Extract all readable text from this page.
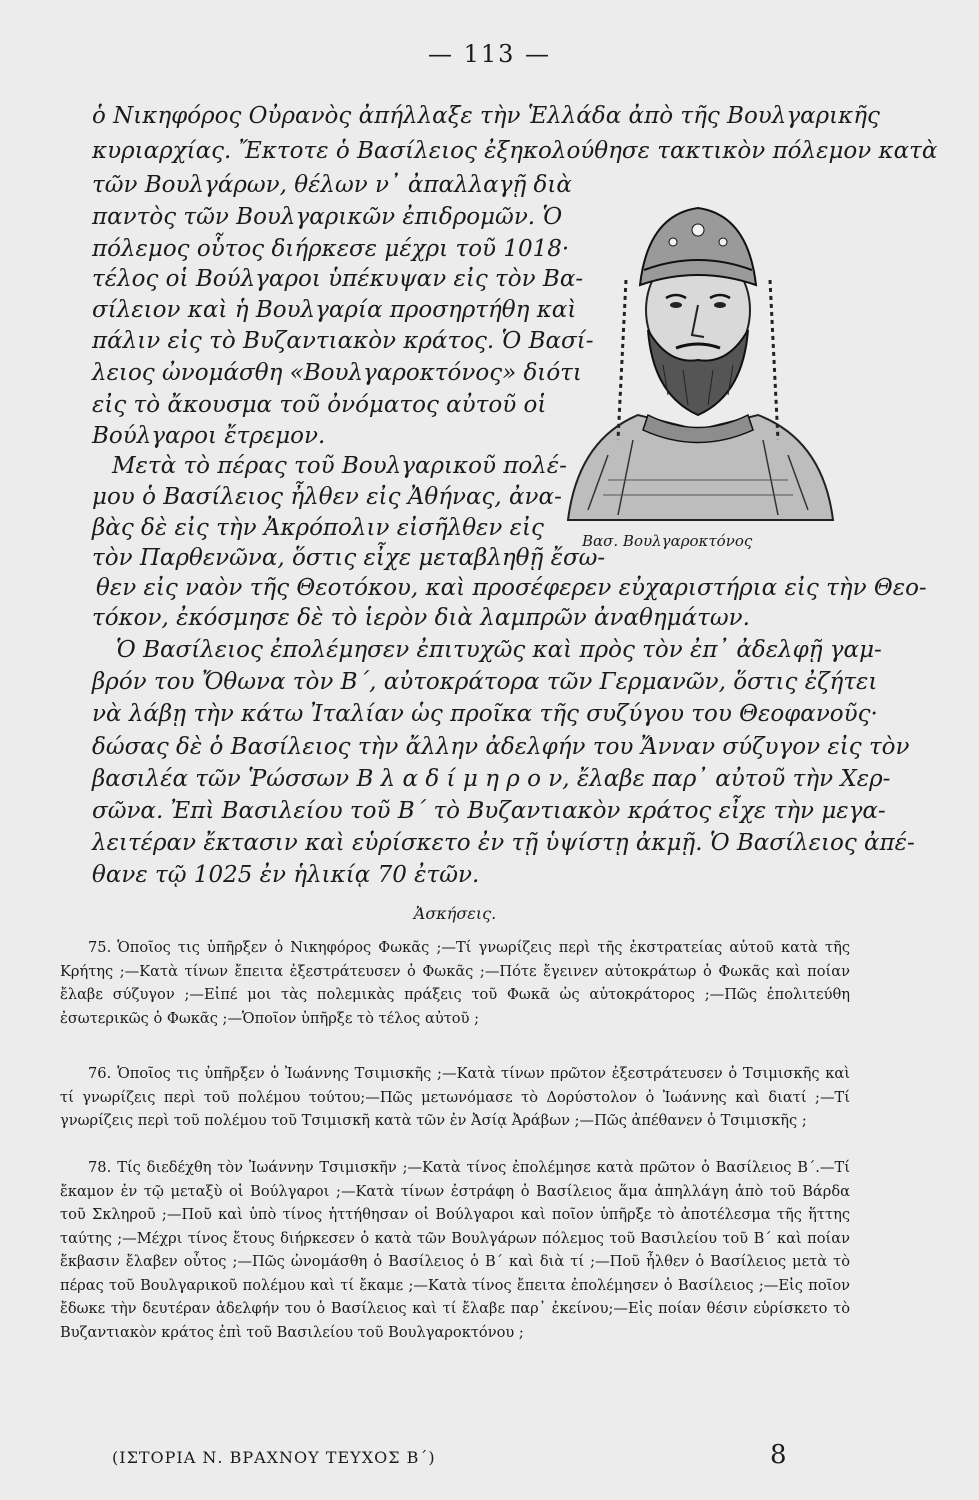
— 113 —
ὁ Νικηφόρος Οὐρανὸς ἀπήλλαξε τὴν Ἑλλάδα ἀπὸ τῆς Βουλγαρικῆς
κυριαρχίας. Ἔκτοτε ὁ Βασίλειος ἐξηκολούθησε τακτικὸν πόλεμον κατὰ
τῶν Βουλγάρων, θέλων ν᾽ ἀπαλλαγῇ διὰ
παντὸς τῶν Βουλγαρικῶν ἐπιδρομῶν. Ὁ
πόλεμος οὗτος διήρκεσε μέχρι τοῦ 1018·
τέλος οἱ Βούλγαροι ὑπέκυψαν εἰς τὸν Βα-
σίλειον καὶ ἡ Βουλγαρία προσηρτήθη καὶ
πάλιν εἰς τὸ Βυζαντιακὸν κράτος. Ὁ Βασί-
λειος ὠνομάσθη «Βουλγαροκτόνος» διότι
εἰς τὸ ἄκουσμα τοῦ ὀνόματος αὐτοῦ οἱ
Βούλγαροι ἔτρεμον.
Μετὰ τὸ πέρας τοῦ Βουλγαρικοῦ πολέ-
μου ὁ Βασίλειος ἦλθεν εἰς Ἀθήνας, ἀνα-
βὰς δὲ εἰς τὴν Ἀκρόπολιν εἰσῆλθεν εἰς
τὸν Παρθενῶνα, ὅστις εἶχε μεταβληθῇ ἔσω-
θεν εἰς ναὸν τῆς Θεοτόκου, καὶ προσέφερεν εὐχαριστήρια εἰς τὴν Θεο-
τόκον, ἐκόσμησε δὲ τὸ ἱερὸν διὰ λαμπρῶν ἀναθημάτων.
Ὁ Βασίλειος ἐπολέμησεν ἐπιτυχῶς καὶ πρὸς τὸν ἐπ᾽ ἀδελφῇ γαμ-
βρόν του Ὄθωνα τὸν Β΄, αὐτοκράτορα τῶν Γερμανῶν, ὅστις ἐζήτει
νὰ λάβῃ τὴν κάτω Ἰταλίαν ὡς προῖκα τῆς συζύγου του Θεοφανοῦς·
δώσας δὲ ὁ Βασίλειος τὴν ἄλλην ἀδελφήν του Ἄνναν σύζυγον εἰς τὸν
βασιλέα τῶν Ῥώσσων Β λ α δ ί μ η ρ ο ν, ἔλαβε παρ᾽ αὐτοῦ τὴν Χερ-
σῶνα. Ἐπὶ Βασιλείου τοῦ Β΄ τὸ Βυζαντιακὸν κράτος εἶχε τὴν μεγα-
λειτέραν ἔκτασιν καὶ εὑρίσκετο ἐν τῇ ὑψίστῃ ἀκμῇ. Ὁ Βασίλειος ἀπέ-
θανε τῷ 1025 ἐν ἡλικίᾳ 70 ἐτῶν.
Βασ. Βουλγαροκτόνος
Ἀσκήσεις.
75. Ὁποῖος τις ὑπῆρξεν ὁ Νικηφόρος Φωκᾶς ;—Τί γνωρίζεις περὶ τῆς ἐκστρατείας αὐτοῦ κατὰ τῆς Κρήτης ;—Κατὰ τίνων ἔπειτα ἐξεστράτευσεν ὁ Φωκᾶς ;—Πότε ἔγεινεν αὐτοκράτωρ ὁ Φωκᾶς καὶ ποίαν ἔλαβε σύζυγον ;—Εἰπέ μοι τὰς πολεμικὰς πράξεις τοῦ Φωκᾶ ὡς αὐτοκράτορος ;—Πῶς ἐπολιτεύθη ἐσωτερικῶς ὁ Φωκᾶς ;—Ὁποῖον ὑπῆρξε τὸ τέλος αὐτοῦ ;
76. Ὁποῖος τις ὑπῆρξεν ὁ Ἰωάννης Τσιμισκῆς ;—Κατὰ τίνων πρῶτον ἐξεστράτευσεν ὁ Τσιμισκῆς καὶ τί γνωρίζεις περὶ τοῦ πολέμου τούτου;—Πῶς μετωνόμασε τὸ Δορύστολον ὁ Ἰωάννης καὶ διατί ;—Τί γνωρίζεις περὶ τοῦ πολέμου τοῦ Τσιμισκῆ κατὰ τῶν ἐν Ἀσίᾳ Ἀράβων ;—Πῶς ἀπέθανεν ὁ Τσιμισκῆς ;
78. Τίς διεδέχθη τὸν Ἰωάννην Τσιμισκῆν ;—Κατὰ τίνος ἐπολέμησε κατὰ πρῶτον ὁ Βασίλειος Β΄.—Τί ἔκαμον ἐν τῷ μεταξὺ οἱ Βούλγαροι ;—Κατὰ τίνων ἐστράφη ὁ Βασίλειος ἅμα ἀπηλλάγη ἀπὸ τοῦ Βάρδα τοῦ Σκληροῦ ;—Ποῦ καὶ ὑπὸ τίνος ἡττήθησαν οἱ Βούλγαροι καὶ ποῖον ὑπῆρξε τὸ ἀποτέλεσμα τῆς ἥττης ταύτης ;—Μέχρι τίνος ἔτους διήρκεσεν ὁ κατὰ τῶν Βουλγάρων πόλεμος τοῦ Βασιλείου τοῦ Β΄ καὶ ποίαν ἔκβασιν ἔλαβεν οὗτος ;—Πῶς ὠνομάσθη ὁ Βασίλειος ὁ Β΄ καὶ διὰ τί ;—Ποῦ ἦλθεν ὁ Βασίλειος μετὰ τὸ πέρας τοῦ Βουλγαρικοῦ πολέμου καὶ τί ἔκαμε ;—Κατὰ τίνος ἔπειτα ἐπολέμησεν ὁ Βασίλειος ;—Εἰς ποῖον ἔδωκε τὴν δευτέραν ἀδελφήν του ὁ Βασίλειος καὶ τί ἔλαβε παρ᾽ ἐκείνου;—Εἰς ποίαν θέσιν εὑρίσκετο τὸ Βυζαντιακὸν κράτος ἐπὶ τοῦ Βασιλείου τοῦ Βουλγαροκτόνου ;
(ΙΣΤΟΡΙΑ Ν. ΒΡΑΧΝΟΥ ΤΕΥΧΟΣ Β΄)	8
